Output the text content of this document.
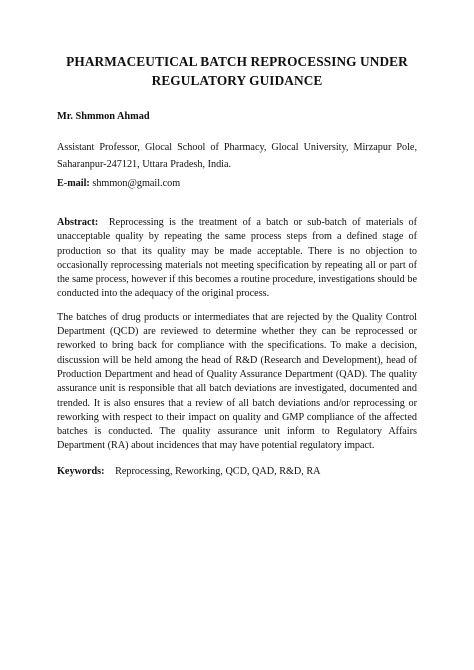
PHARMACEUTICAL BATCH REPROCESSING UNDER
REGULATORY GUIDANCE

Mr. Shmmon Ahmad

Assistant Professor, Glocal School of Pharmacy, Glocal University, Mirzapur Pole, Saharanpur-247121, Uttara Pradesh, India.

E-mail: shmmon@gmail.com

Abstract: Reprocessing is the treatment of a batch or sub-batch of materials of unacceptable quality by repeating the same process steps from a defined stage of production so that its quality may be made acceptable. There is no objection to occasionally reprocessing materials not meeting specification by repeating all or part of the same process, however if this becomes a routine procedure, investigations should be conducted into the adequacy of the original process.

The batches of drug products or intermediates that are rejected by the Quality Control Department (QCD) are reviewed to determine whether they can be reprocessed or reworked to bring back for compliance with the specifications. To make a decision, discussion will be held among the head of R&D (Research and Development), head of Production Department and head of Quality Assurance Department (QAD). The quality assurance unit is responsible that all batch deviations are investigated, documented and trended. It is also ensures that a review of all batch deviations and/or reprocessing or reworking with respect to their impact on quality and GMP compliance of the affected batches is conducted. The quality assurance unit inform to Regulatory Affairs Department (RA) about incidences that may have potential regulatory impact.

Keywords: Reprocessing, Reworking, QCD, QAD, R&D, RA
